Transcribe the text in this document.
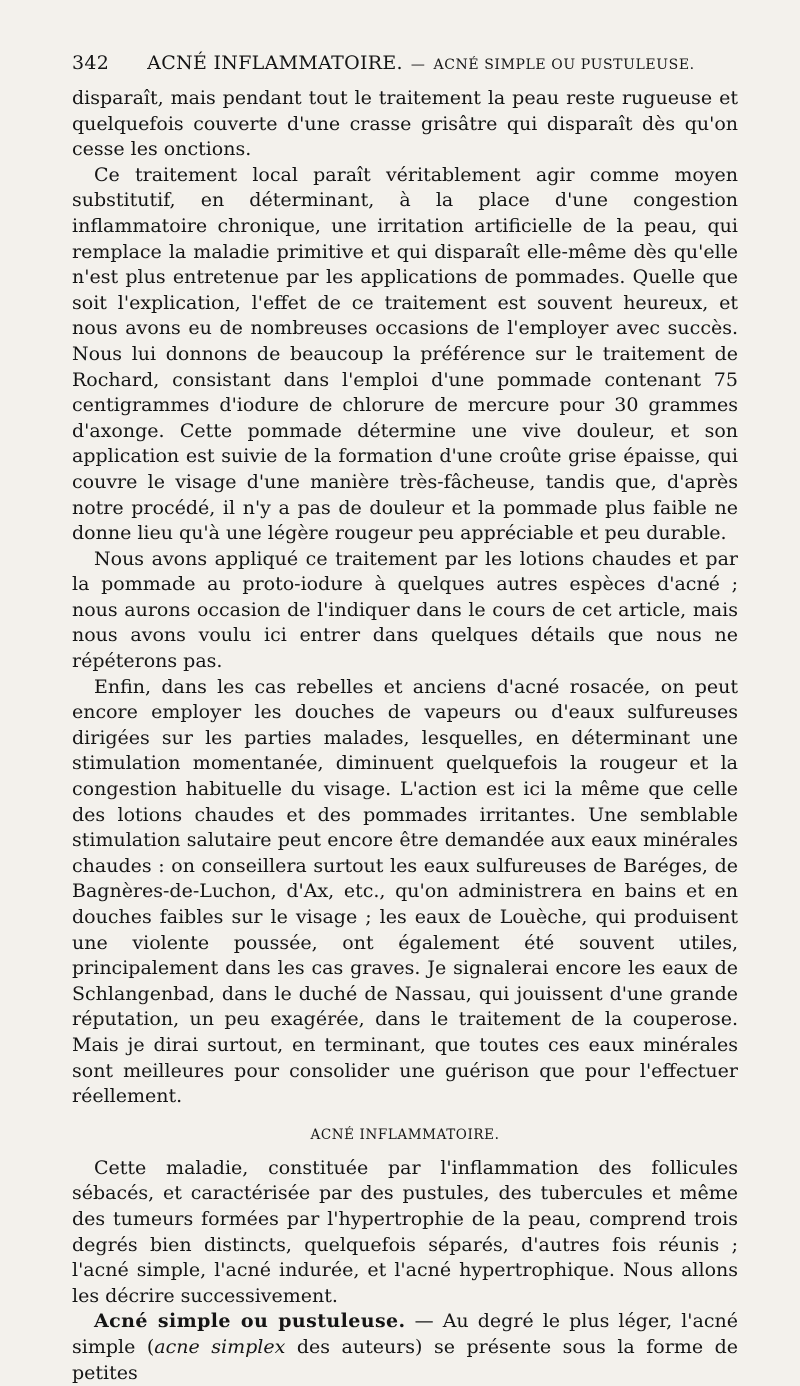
342 ACNÉ INFLAMMATOIRE. — ACNÉ SIMPLE OU PUSTULEUSE.

disparaît, mais pendant tout le traitement la peau reste rugueuse et quelquefois couverte d'une crasse grisâtre qui disparaît dès qu'on cesse les onctions.

Ce traitement local paraît véritablement agir comme moyen substitutif, en déterminant, à la place d'une congestion inflammatoire chronique, une irritation artificielle de la peau, qui remplace la maladie primitive et qui disparaît elle-même dès qu'elle n'est plus entretenue par les applications de pommades. Quelle que soit l'explication, l'effet de ce traitement est souvent heureux, et nous avons eu de nombreuses occasions de l'employer avec succès. Nous lui donnons de beaucoup la préférence sur le traitement de Rochard, consistant dans l'emploi d'une pommade contenant 75 centigrammes d'iodure de chlorure de mercure pour 30 grammes d'axonge. Cette pommade détermine une vive douleur, et son application est suivie de la formation d'une croûte grise épaisse, qui couvre le visage d'une manière très-fâcheuse, tandis que, d'après notre procédé, il n'y a pas de douleur et la pommade plus faible ne donne lieu qu'à une légère rougeur peu appréciable et peu durable.

Nous avons appliqué ce traitement par les lotions chaudes et par la pommade au proto-iodure à quelques autres espèces d'acné ; nous aurons occasion de l'indiquer dans le cours de cet article, mais nous avons voulu ici entrer dans quelques détails que nous ne répéterons pas.

Enfin, dans les cas rebelles et anciens d'acné rosacée, on peut encore employer les douches de vapeurs ou d'eaux sulfureuses dirigées sur les parties malades, lesquelles, en déterminant une stimulation momentanée, diminuent quelquefois la rougeur et la congestion habituelle du visage. L'action est ici la même que celle des lotions chaudes et des pommades irritantes. Une semblable stimulation salutaire peut encore être demandée aux eaux minérales chaudes : on conseillera surtout les eaux sulfureuses de Baréges, de Bagnères-de-Luchon, d'Ax, etc., qu'on administrera en bains et en douches faibles sur le visage ; les eaux de Louèche, qui produisent une violente poussée, ont également été souvent utiles, principalement dans les cas graves. Je signalerai encore les eaux de Schlangenbad, dans le duché de Nassau, qui jouissent d'une grande réputation, un peu exagérée, dans le traitement de la couperose. Mais je dirai surtout, en terminant, que toutes ces eaux minérales sont meilleures pour consolider une guérison que pour l'effectuer réellement.

ACNÉ INFLAMMATOIRE.

Cette maladie, constituée par l'inflammation des follicules sébacés, et caractérisée par des pustules, des tubercules et même des tumeurs formées par l'hypertrophie de la peau, comprend trois degrés bien distincts, quelquefois séparés, d'autres fois réunis ; l'acné simple, l'acné indurée, et l'acné hypertrophique. Nous allons les décrire successivement.

Acné simple ou pustuleuse. — Au degré le plus léger, l'acné simple (acne simplex des auteurs) se présente sous la forme de petites
